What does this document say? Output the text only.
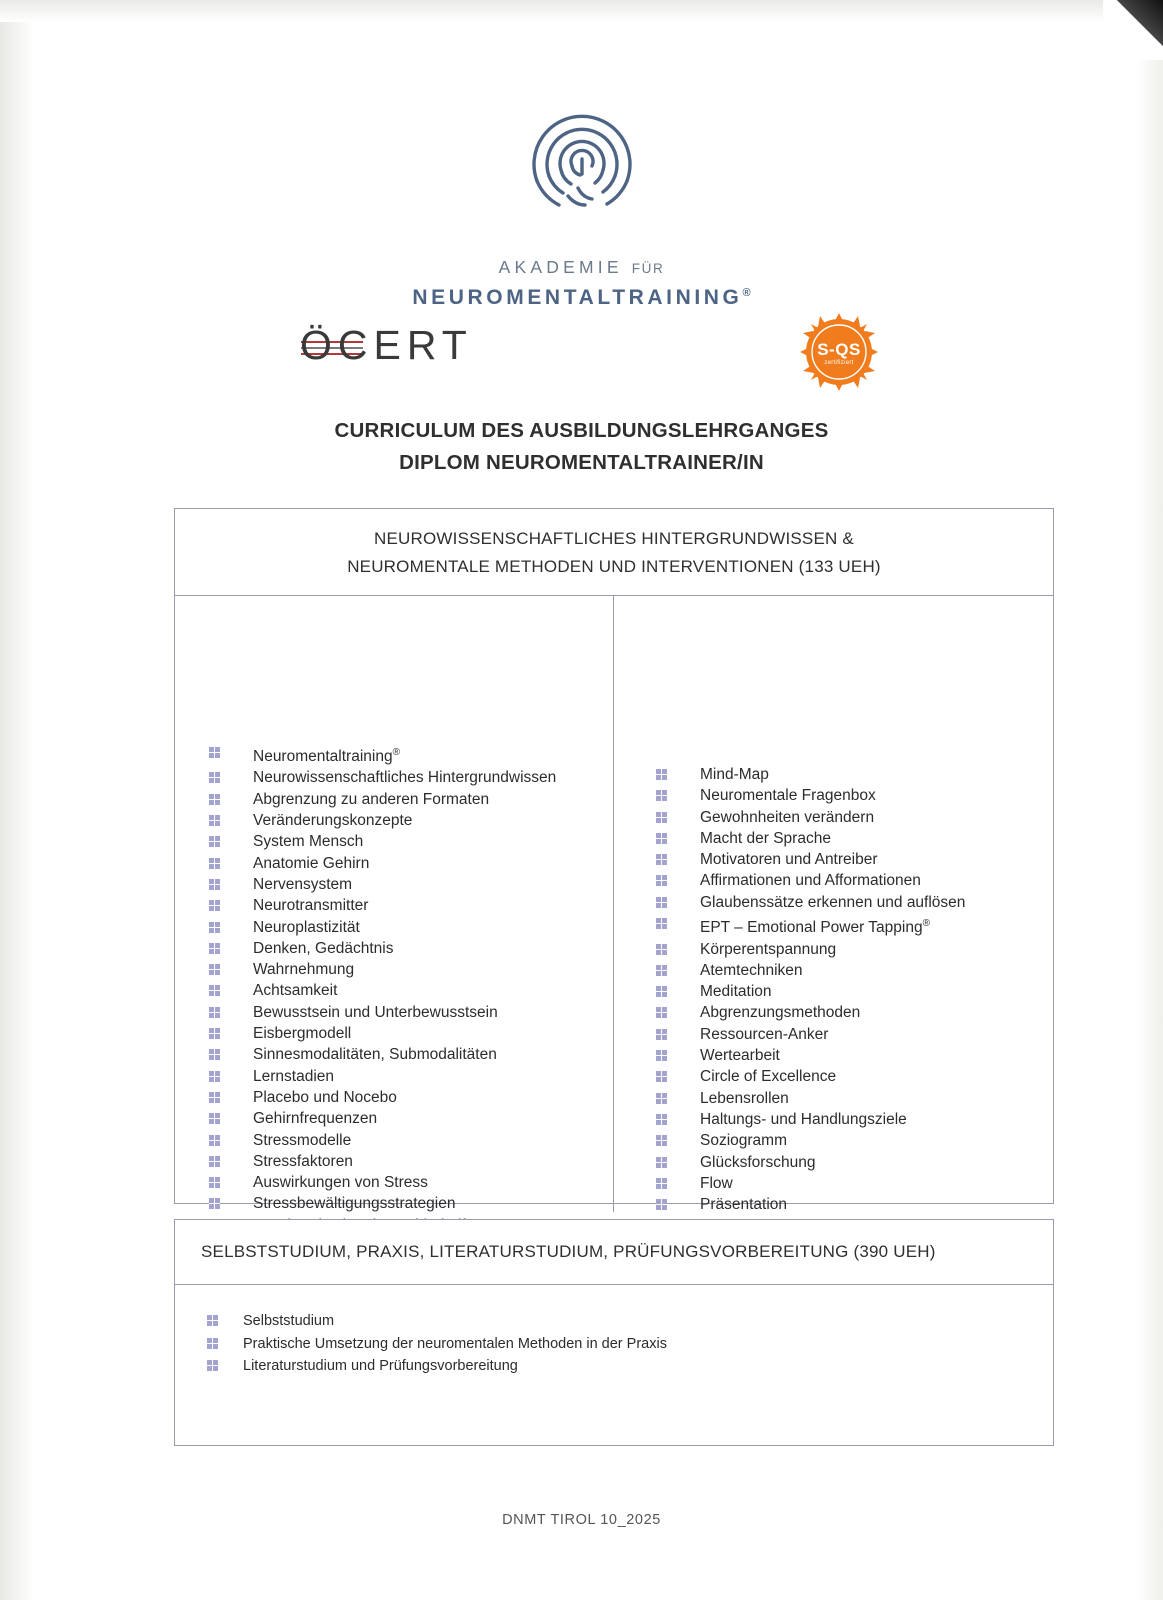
AKADEMIE FÜR
NEUROMENTALTRAINING®
ÖCERT	S-QS
zertifiziert
CURRICULUM DES AUSBILDUNGSLEHRGANGES
DIPLOM NEUROMENTALTRAINER/IN
NEUROWISSENSCHAFTLICHES HINTERGRUNDWISSEN &
NEUROMENTALE METHODEN UND INTERVENTIONEN (133 UEH)
Neuromentaltraining®
Neurowissenschaftliches Hintergrundwissen
Abgrenzung zu anderen Formaten
Veränderungskonzepte
System Mensch
Anatomie Gehirn
Nervensystem
Neurotransmitter
Neuroplastizität
Denken, Gedächtnis
Wahrnehmung
Achtsamkeit
Bewusstsein und Unterbewusstsein
Eisbergmodell
Sinnesmodalitäten, Submodalitäten
Lernstadien
Placebo und Nocebo
Gehirnfrequenzen
Stressmodelle
Stressfaktoren
Auswirkungen von Stress
Stressbewältigungsstrategien
Mind-Map
Neuromentale Fragenbox
Gewohnheiten verändern
Macht der Sprache
Motivatoren und Antreiber
Affirmationen und Afformationen
Glaubenssätze erkennen und auflösen
EPT – Emotional Power Tapping®
Körperentspannung
Atemtechniken
Meditation
Abgrenzungsmethoden
Ressourcen-Anker
Wertearbeit
Circle of Excellence
Lebensrollen
Haltungs- und Handlungsziele
Soziogramm
Glücksforschung
Flow
Präsentation
SELBSTSTUDIUM, PRAXIS, LITERATURSTUDIUM, PRÜFUNGSVORBEREITUNG (390 UEH)
Selbststudium
Praktische Umsetzung der neuromentalen Methoden in der Praxis
Literaturstudium und Prüfungsvorbereitung
DNMT TIROL 10_2025
